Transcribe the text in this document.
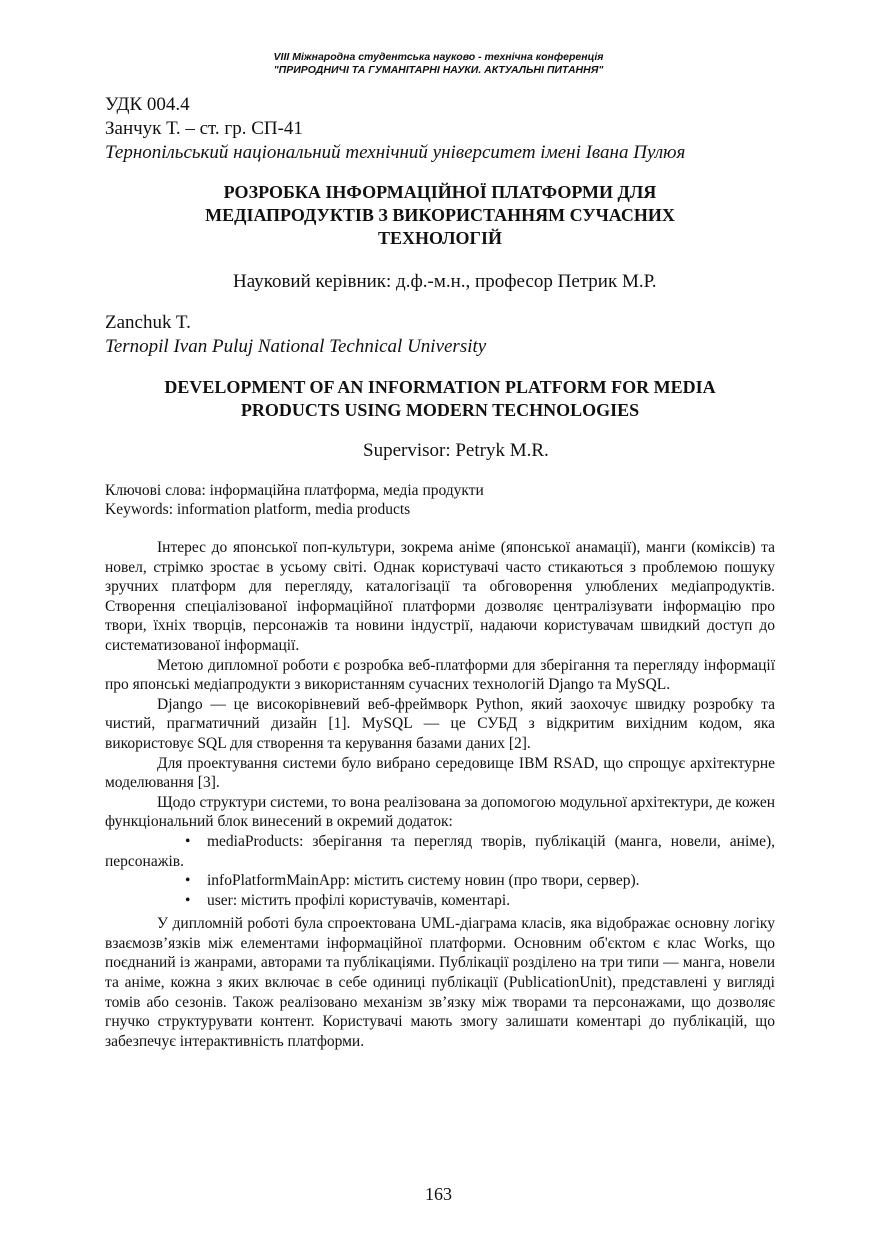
VIII Міжнародна студентська науково - технічна конференція
"ПРИРОДНИЧІ ТА ГУМАНІТАРНІ НАУКИ. АКТУАЛЬНІ ПИТАННЯ"
УДК 004.4
Занчук Т. – ст. гр. СП-41
Тернопільський національний технічний університет імені Івана Пулюя
РОЗРОБКА ІНФОРМАЦІЙНОЇ ПЛАТФОРМИ ДЛЯ
МЕДІАПРОДУКТІВ З ВИКОРИСТАННЯМ СУЧАСНИХ
ТЕХНОЛОГІЙ
Науковий керівник: д.ф.-м.н., професор Петрик М.Р.
Zanchuk T.
Ternopil Ivan Puluj National Technical University
DEVELOPMENT OF AN INFORMATION PLATFORM FOR MEDIA
PRODUCTS USING MODERN TECHNOLOGIES
Supervisor: Petryk M.R.
Ключові слова: інформаційна платформа, медіа продукти
Keywords: information platform, media products

Інтерес до японської поп-культури, зокрема аніме (японської анамації), манги (коміксів) та новел, стрімко зростає в усьому світі. Однак користувачі часто стикаються з проблемою пошуку зручних платформ для перегляду, каталогізації та обговорення улюблених медіапродуктів. Створення спеціалізованої інформаційної платформи дозволяє централізувати інформацію про твори, їхніх творців, персонажів та новини індустрії, надаючи користувачам швидкий доступ до систематизованої інформації.

Метою дипломної роботи є розробка веб-платформи для зберігання та перегляду інформації про японські медіапродукти з використанням сучасних технологій Django та MySQL.

Django — це високорівневий веб-фреймворк Python, який заохочує швидку розробку та чистий, прагматичний дизайн [1]. MySQL — це СУБД з відкритим вихідним кодом, яка використовує SQL для створення та керування базами даних [2].

Для проектування системи було вибрано середовище IBM RSAD, що спрощує архітектурне моделювання [3].

Щодо структури системи, то вона реалізована за допомогою модульної архітектури, де кожен функціональний блок винесений в окремий додаток:

•	mediaProducts: зберігання та перегляд творів, публікацій (манга, новели, аніме), персонажів.
•	infoPlatformMainApp: містить систему новин (про твори, сервер).
•	user: містить профілі користувачів, коментарі.

У дипломній роботі була спроектована UML-діаграма класів, яка відображає основну логіку взаємозв’язків між елементами інформаційної платформи. Основним об'єктом є клас Works, що поєднаний із жанрами, авторами та публікаціями. Публікації розділено на три типи — манга, новели та аніме, кожна з яких включає в себе одиниці публікації (PublicationUnit), представлені у вигляді томів або сезонів. Також реалізовано механізм зв’язку між творами та персонажами, що дозволяє гнучко структурувати контент. Користувачі мають змогу залишати коментарі до публікацій, що забезпечує інтерактивність платформи.

163
